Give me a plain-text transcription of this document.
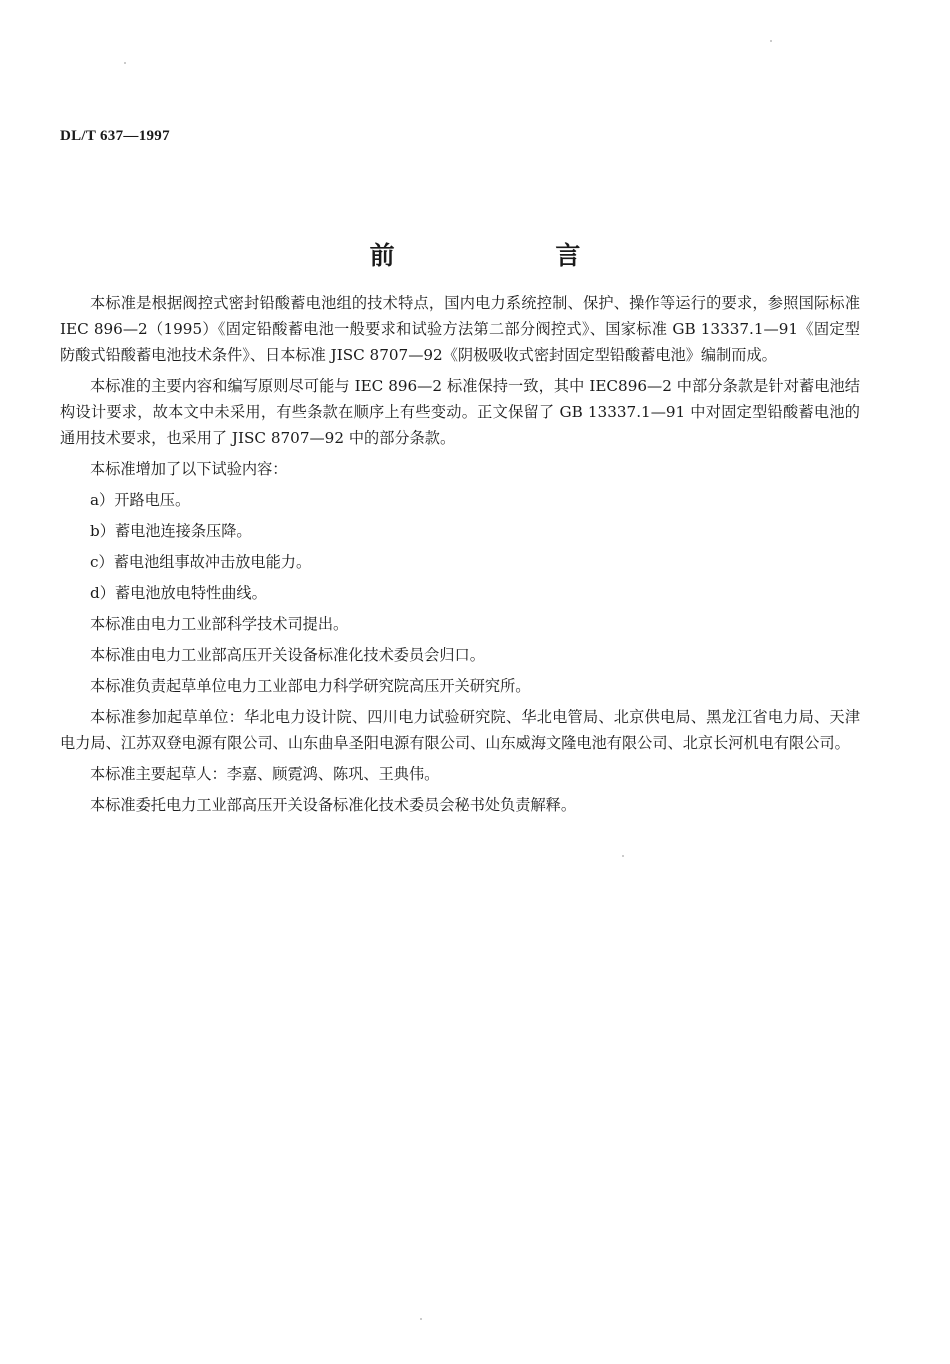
DL/T 637—1997
前 言

本标准是根据阀控式密封铅酸蓄电池组的技术特点，国内电力系统控制、保护、操作等运行的要求，参照国际标准 IEC 896—2（1995）《固定铅酸蓄电池一般要求和试验方法第二部分阀控式》、国家标准 GB 13337.1—91《固定型防酸式铅酸蓄电池技术条件》、日本标准 JISC 8707—92《阴极吸收式密封固定型铅酸蓄电池》编制而成。

本标准的主要内容和编写原则尽可能与 IEC 896—2 标准保持一致，其中 IEC896—2 中部分条款是针对蓄电池结构设计要求，故本文中未采用，有些条款在顺序上有些变动。正文保留了 GB 13337.1—91 中对固定型铅酸蓄电池的通用技术要求，也采用了 JISC 8707—92 中的部分条款。

本标准增加了以下试验内容：

a）开路电压。

b）蓄电池连接条压降。

c）蓄电池组事故冲击放电能力。

d）蓄电池放电特性曲线。

本标准由电力工业部科学技术司提出。

本标准由电力工业部高压开关设备标准化技术委员会归口。

本标准负责起草单位电力工业部电力科学研究院高压开关研究所。

本标准参加起草单位：华北电力设计院、四川电力试验研究院、华北电管局、北京供电局、黑龙江省电力局、天津电力局、江苏双登电源有限公司、山东曲阜圣阳电源有限公司、山东威海文隆电池有限公司、北京长河机电有限公司。

本标准主要起草人：李嘉、顾霓鸿、陈巩、王典伟。

本标准委托电力工业部高压开关设备标准化技术委员会秘书处负责解释。
